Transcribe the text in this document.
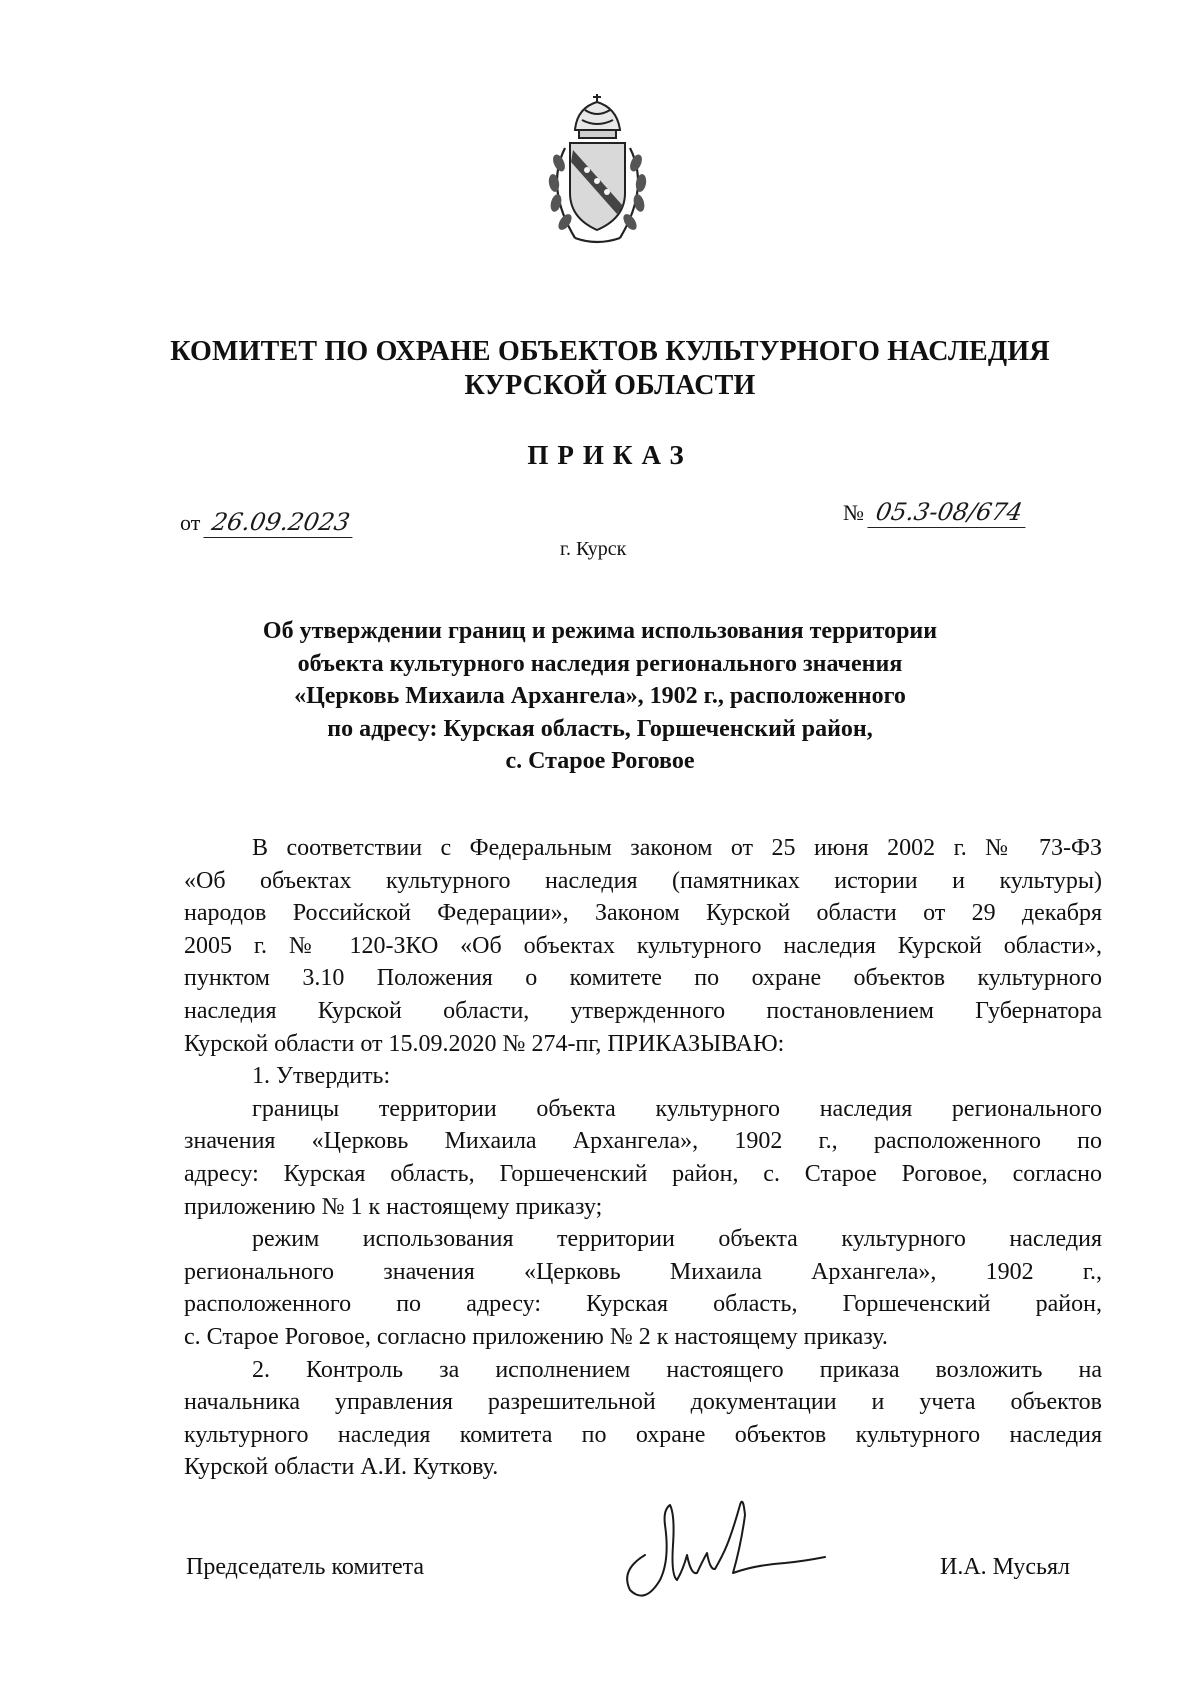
КОМИТЕТ ПО ОХРАНЕ ОБЪЕКТОВ КУЛЬТУРНОГО НАСЛЕДИЯ
КУРСКОЙ ОБЛАСТИ
ПРИКАЗ
от 26.09.2023	№ 05.3-08/674
г. Курск
Об утверждении границ и режима использования территории
объекта культурного наследия регионального значения
«Церковь Михаила Архангела», 1902 г., расположенного
по адресу: Курская область, Горшеченский район,
с. Старое Роговое
В соответствии с Федеральным законом от 25 июня 2002 г. № 73-ФЗ
«Об объектах культурного наследия (памятниках истории и культуры)
народов Российской Федерации», Законом Курской области от 29 декабря
2005 г. № 120-ЗКО «Об объектах культурного наследия Курской области»,
пунктом 3.10 Положения о комитете по охране объектов культурного
наследия Курской области, утвержденного постановлением Губернатора
Курской области от 15.09.2020 № 274-пг, ПРИКАЗЫВАЮ:
1. Утвердить:
границы территории объекта культурного наследия регионального
значения «Церковь Михаила Архангела», 1902 г., расположенного по
адресу: Курская область, Горшеченский район, с. Старое Роговое, согласно
приложению № 1 к настоящему приказу;
режим использования территории объекта культурного наследия
регионального значения «Церковь Михаила Архангела», 1902 г.,
расположенного по адресу: Курская область, Горшеченский район,
с. Старое Роговое, согласно приложению № 2 к настоящему приказу.
2. Контроль за исполнением настоящего приказа возложить на
начальника управления разрешительной документации и учета объектов
культурного наследия комитета по охране объектов культурного наследия
Курской области А.И. Куткову.
Председатель комитета	И.А. Мусьял
